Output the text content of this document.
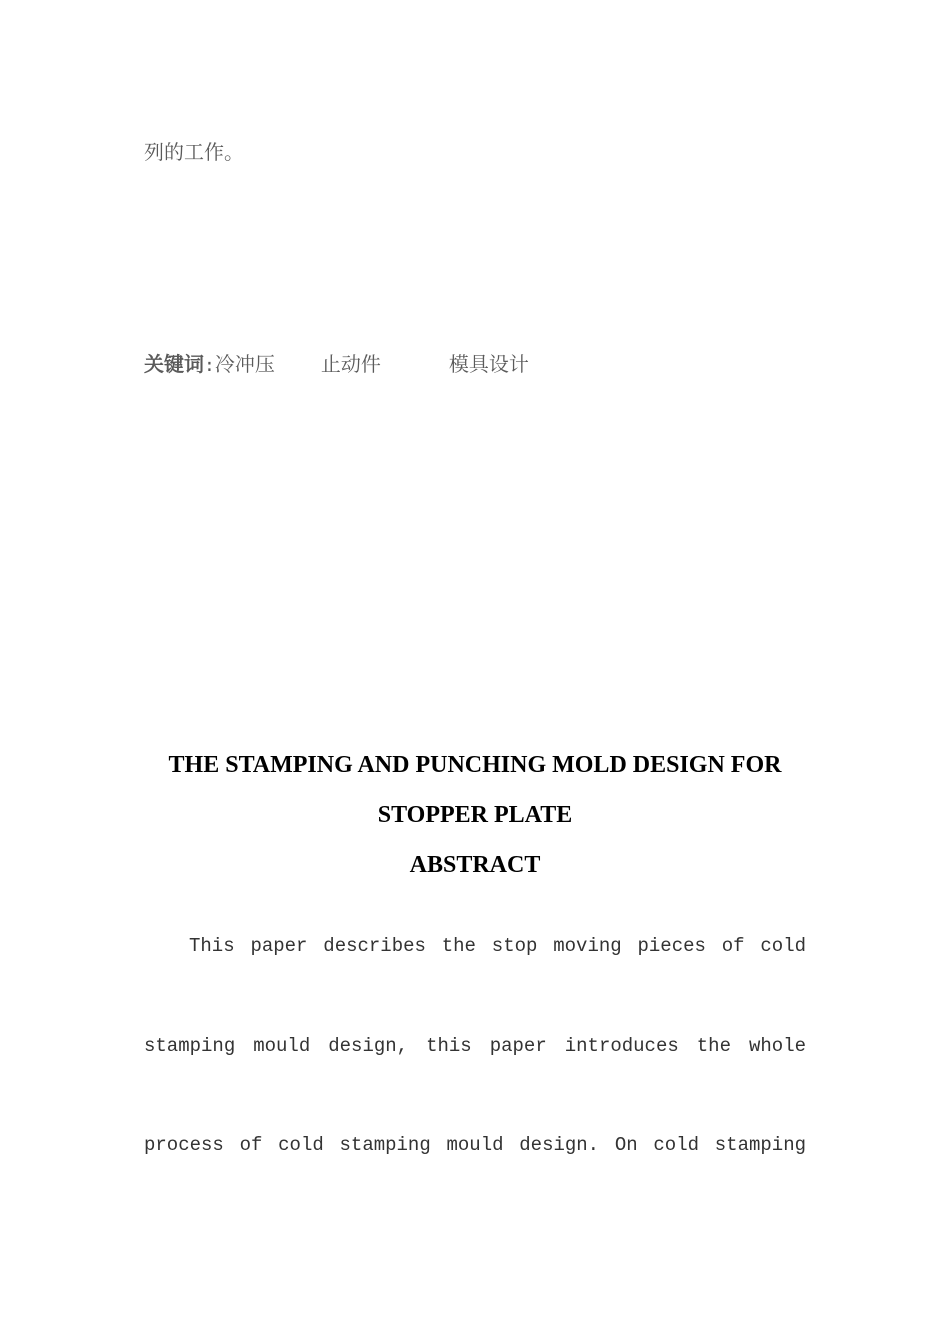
列的工作。
关键词:冷冲压 止动件	模具设计
THE STAMPING AND PUNCHING MOLD DESIGN FOR
STOPPER PLATE
ABSTRACT
This paper describes the stop moving pieces of cold
stamping mould design, this paper introduces the whole
process of cold stamping mould design. On cold stamping
